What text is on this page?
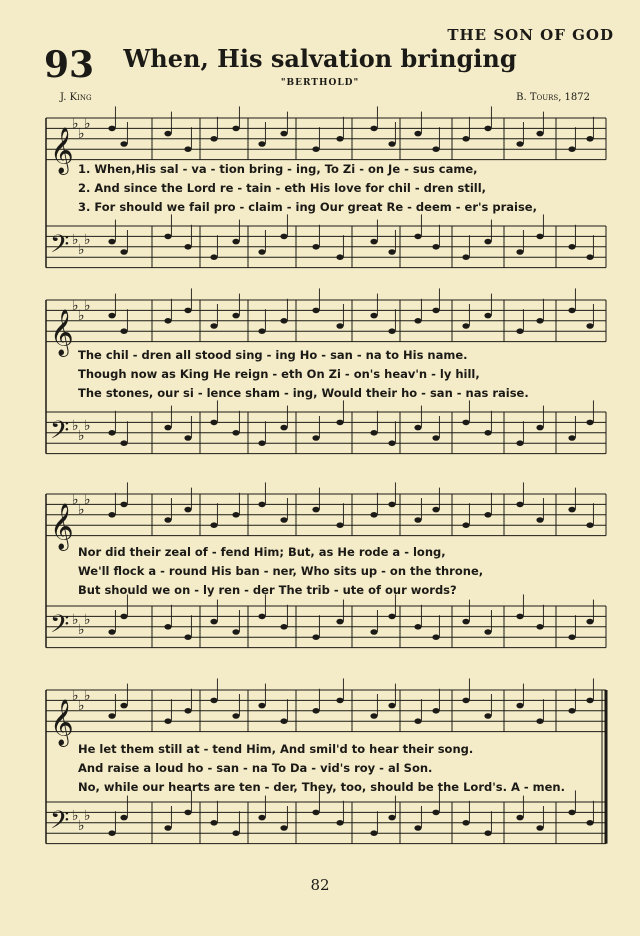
𝄞
𝄢
♭
♭
♭
♭
♭
♭
𝄞
𝄢
♭
♭
♭
♭
♭
♭
𝄞
𝄢
♭
♭
♭
♭
♭
♭
𝄞
𝄢
♭
♭
♭
♭
♭
♭
THE SON OF GOD
93	When, His salvation bringing
"BERTHOLD"
J. King	B. Tours, 1872
1. When,His sal - va - tion bring - ing, To Zi - on Je - sus came,
2. And since the Lord re - tain - eth His love for chil - dren still,
3. For should we fail pro - claim - ing Our great Re - deem - er's praise,
The chil - dren all stood sing - ing Ho - san - na to His name.
Though now as King He reign - eth On Zi - on's heav'n - ly hill,
The stones, our si - lence sham - ing, Would their ho - san - nas raise.
Nor did their zeal of - fend Him; But, as He rode a - long,
We'll flock a - round His ban - ner, Who sits up - on the throne,
But should we on - ly ren - der The trib - ute of our words?
He let them still at - tend Him, And smil'd to hear their song.
And raise a loud ho - san - na To Da - vid's roy - al Son.
No, while our hearts are ten - der, They, too, should be the Lord's. A - men.
82
